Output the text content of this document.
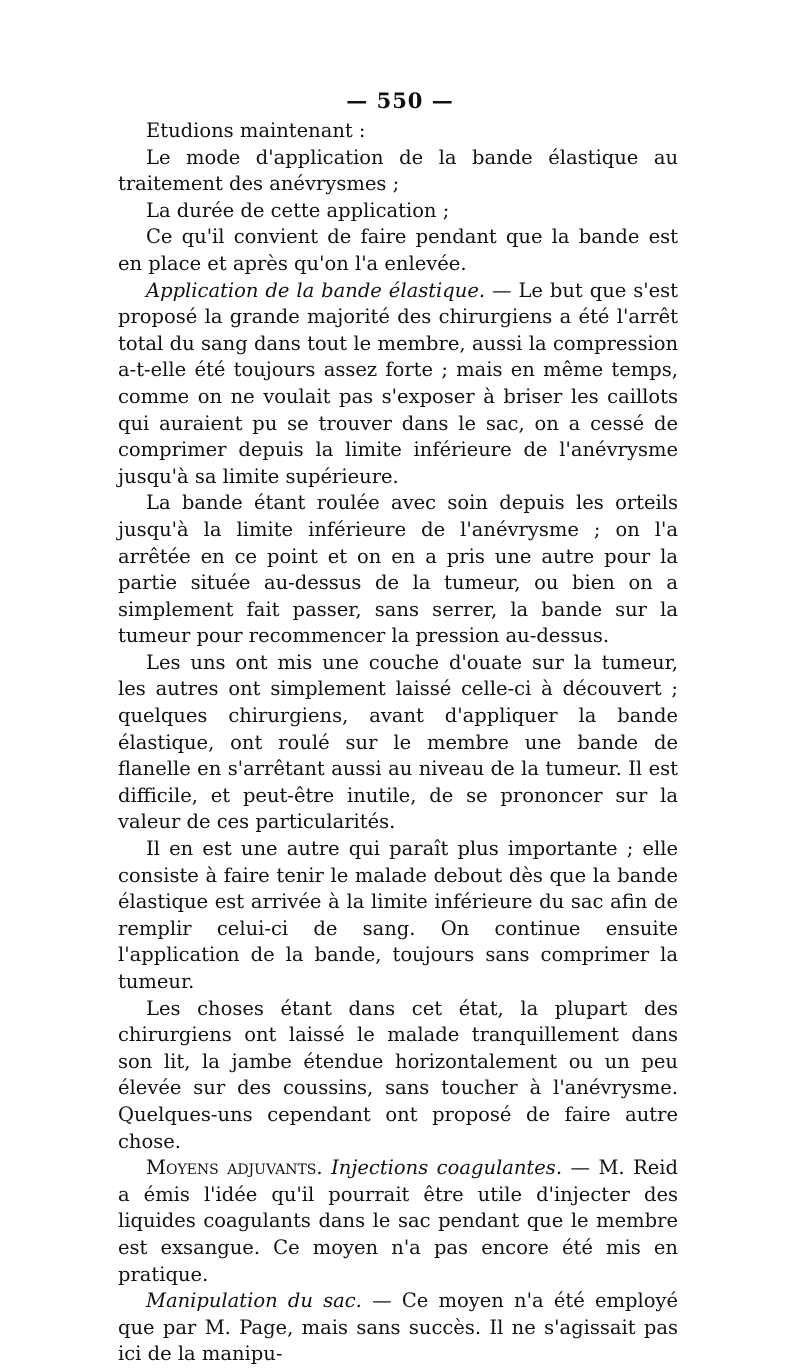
— 550 —

Etudions maintenant :

Le mode d'application de la bande élastique au traitement des anévrysmes ;

La durée de cette application ;

Ce qu'il convient de faire pendant que la bande est en place et après qu'on l'a enlevée.

Application de la bande élastique. — Le but que s'est proposé la grande majorité des chirurgiens a été l'arrêt total du sang dans tout le membre, aussi la compression a-t-elle été toujours assez forte ; mais en même temps, comme on ne voulait pas s'exposer à briser les caillots qui auraient pu se trouver dans le sac, on a cessé de comprimer depuis la limite inférieure de l'anévrysme jusqu'à sa limite supérieure.

La bande étant roulée avec soin depuis les orteils jusqu'à la limite inférieure de l'anévrysme ; on l'a arrêtée en ce point et on en a pris une autre pour la partie située au-dessus de la tumeur, ou bien on a simplement fait passer, sans serrer, la bande sur la tumeur pour recommencer la pression au-dessus.

Les uns ont mis une couche d'ouate sur la tumeur, les autres ont simplement laissé celle-ci à découvert ; quelques chirurgiens, avant d'appliquer la bande élastique, ont roulé sur le membre une bande de flanelle en s'arrêtant aussi au niveau de la tumeur. Il est difficile, et peut-être inutile, de se prononcer sur la valeur de ces particularités.

Il en est une autre qui paraît plus importante ; elle consiste à faire tenir le malade debout dès que la bande élastique est arrivée à la limite inférieure du sac afin de remplir celui-ci de sang. On continue ensuite l'application de la bande, toujours sans comprimer la tumeur.

Les choses étant dans cet état, la plupart des chirurgiens ont laissé le malade tranquillement dans son lit, la jambe étendue horizontalement ou un peu élevée sur des coussins, sans toucher à l'anévrysme. Quelques-uns cependant ont proposé de faire autre chose.

Moyens adjuvants. Injections coagulantes. — M. Reid a émis l'idée qu'il pourrait être utile d'injecter des liquides coagulants dans le sac pendant que le membre est exsangue. Ce moyen n'a pas encore été mis en pratique.

Manipulation du sac. — Ce moyen n'a été employé que par M. Page, mais sans succès. Il ne s'agissait pas ici de la manipu-
